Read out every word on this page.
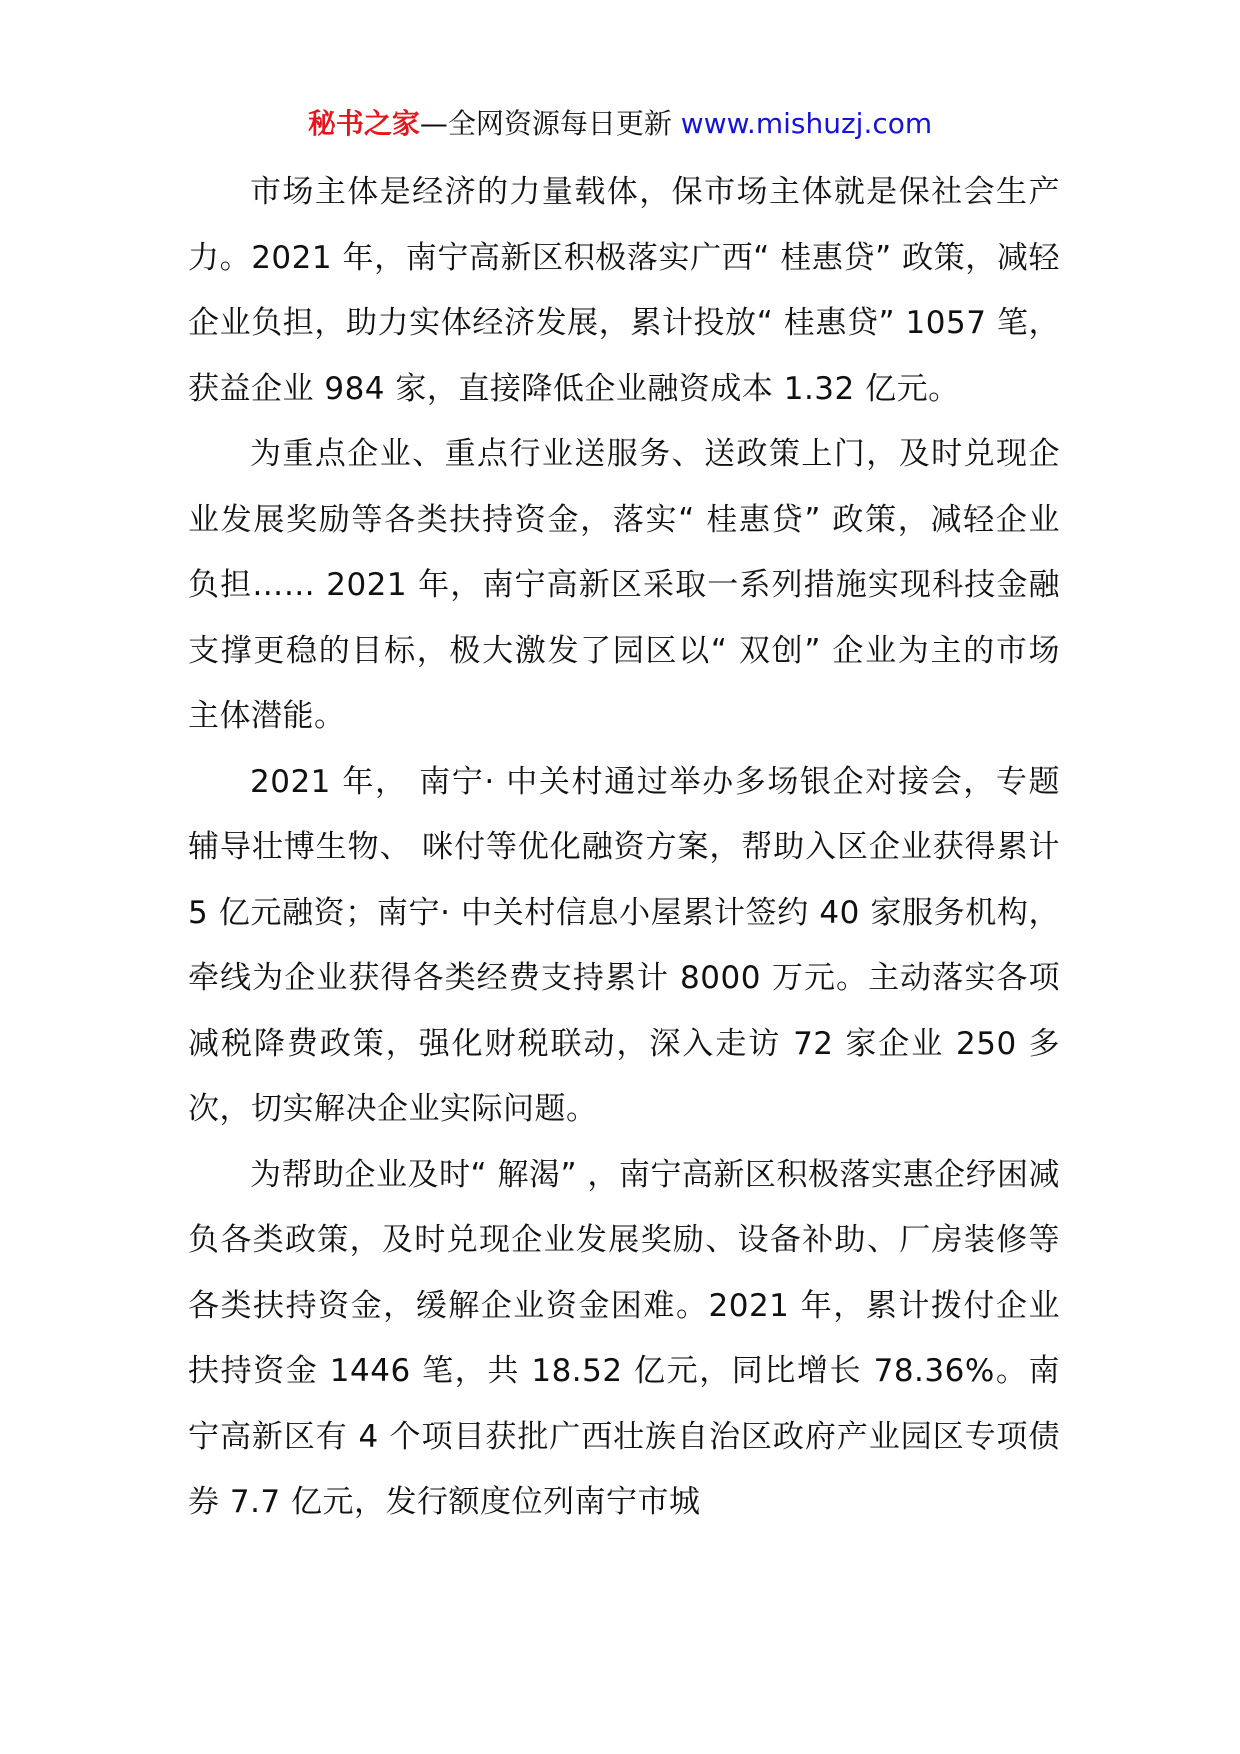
秘书之家—全网资源每日更新 www.mishuzj.com

市场主体是经济的力量载体，保市场主体就是保社会生产力。2021 年，南宁高新区积极落实广西“ 桂惠贷” 政策，减轻企业负担，助力实体经济发展，累计投放“ 桂惠贷” 1057 笔，获益企业 984 家，直接降低企业融资成本 1.32 亿元。

为重点企业、重点行业送服务、送政策上门，及时兑现企业发展奖励等各类扶持资金，落实“ 桂惠贷” 政策，减轻企业负担…… 2021 年，南宁高新区采取一系列措施实现科技金融支撑更稳的目标，极大激发了园区以“ 双创” 企业为主的市场主体潜能。

2021 年， 南宁· 中关村通过举办多场银企对接会，专题辅导壮博生物、 咪付等优化融资方案，帮助入区企业获得累计 5 亿元融资；南宁· 中关村信息小屋累计签约 40 家服务机构，牵线为企业获得各类经费支持累计 8000 万元。主动落实各项减税降费政策，强化财税联动，深入走访 72 家企业 250 多次，切实解决企业实际问题。

为帮助企业及时“ 解渴” ，南宁高新区积极落实惠企纾困减负各类政策，及时兑现企业发展奖励、设备补助、厂房装修等各类扶持资金，缓解企业资金困难。2021 年，累计拨付企业扶持资金 1446 笔，共 18.52 亿元，同比增长 78.36%。南宁高新区有 4 个项目获批广西壮族自治区政府产业园区专项债券 7.7 亿元，发行额度位列南宁市城
